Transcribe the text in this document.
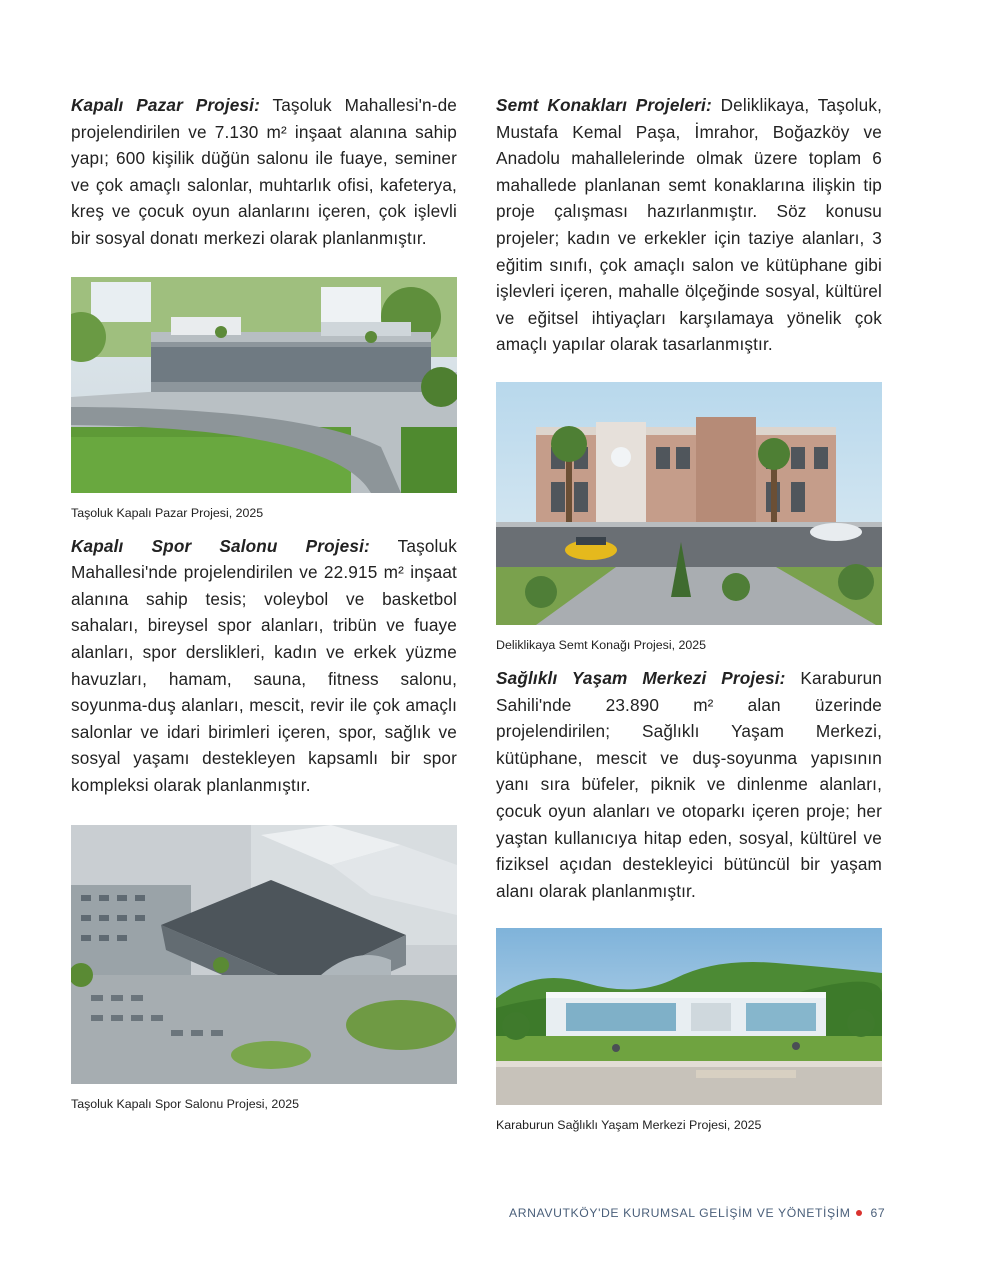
Kapalı Pazar Projesi: Taşoluk Mahallesi'n-de projelendirilen ve 7.130 m² inşaat alanına sahip yapı; 600 kişilik düğün salonu ile fuaye, seminer ve çok amaçlı salonlar, muhtarlık ofisi, kafeterya, kreş ve çocuk oyun alanlarını içeren, çok işlevli bir sosyal donatı merkezi olarak planlanmıştır.

Taşoluk Kapalı Pazar Projesi, 2025

Kapalı Spor Salonu Projesi: Taşoluk Mahallesi'nde projelendirilen ve 22.915 m² inşaat alanına sahip tesis; voleybol ve basketbol sahaları, bireysel spor alanları, tribün ve fuaye alanları, spor derslikleri, kadın ve erkek yüzme havuzları, hamam, sauna, fitness salonu, soyunma-duş alanları, mescit, revir ile çok amaçlı salonlar ve idari birimleri içeren, spor, sağlık ve sosyal yaşamı destekleyen kapsamlı bir spor kompleksi olarak planlanmıştır.

Taşoluk Kapalı Spor Salonu Projesi, 2025

Semt Konakları Projeleri: Deliklikaya, Taşoluk, Mustafa Kemal Paşa, İmrahor, Boğazköy ve Anadolu mahallelerinde olmak üzere toplam 6 mahallede planlanan semt konaklarına ilişkin tip proje çalışması hazırlanmıştır. Söz konusu projeler; kadın ve erkekler için taziye alanları, 3 eğitim sınıfı, çok amaçlı salon ve kütüphane gibi işlevleri içeren, mahalle ölçeğinde sosyal, kültürel ve eğitsel ihtiyaçları karşılamaya yönelik çok amaçlı yapılar olarak tasarlanmıştır.

Deliklikaya Semt Konağı Projesi, 2025

Sağlıklı Yaşam Merkezi Projesi: Karaburun Sahili'nde 23.890 m² alan üzerinde projelendirilen; Sağlıklı Yaşam Merkezi, kütüphane, mescit ve duş-soyunma yapısının yanı sıra büfeler, piknik ve dinlenme alanları, çocuk oyun alanları ve otoparkı içeren proje; her yaştan kullanıcıya hitap eden, sosyal, kültürel ve fiziksel açıdan destekleyici bütüncül bir yaşam alanı olarak planlanmıştır.

Karaburun Sağlıklı Yaşam Merkezi Projesi, 2025

ARNAVUTKÖY'DE KURUMSAL GELİŞİM VE YÖNETİŞİM 67
